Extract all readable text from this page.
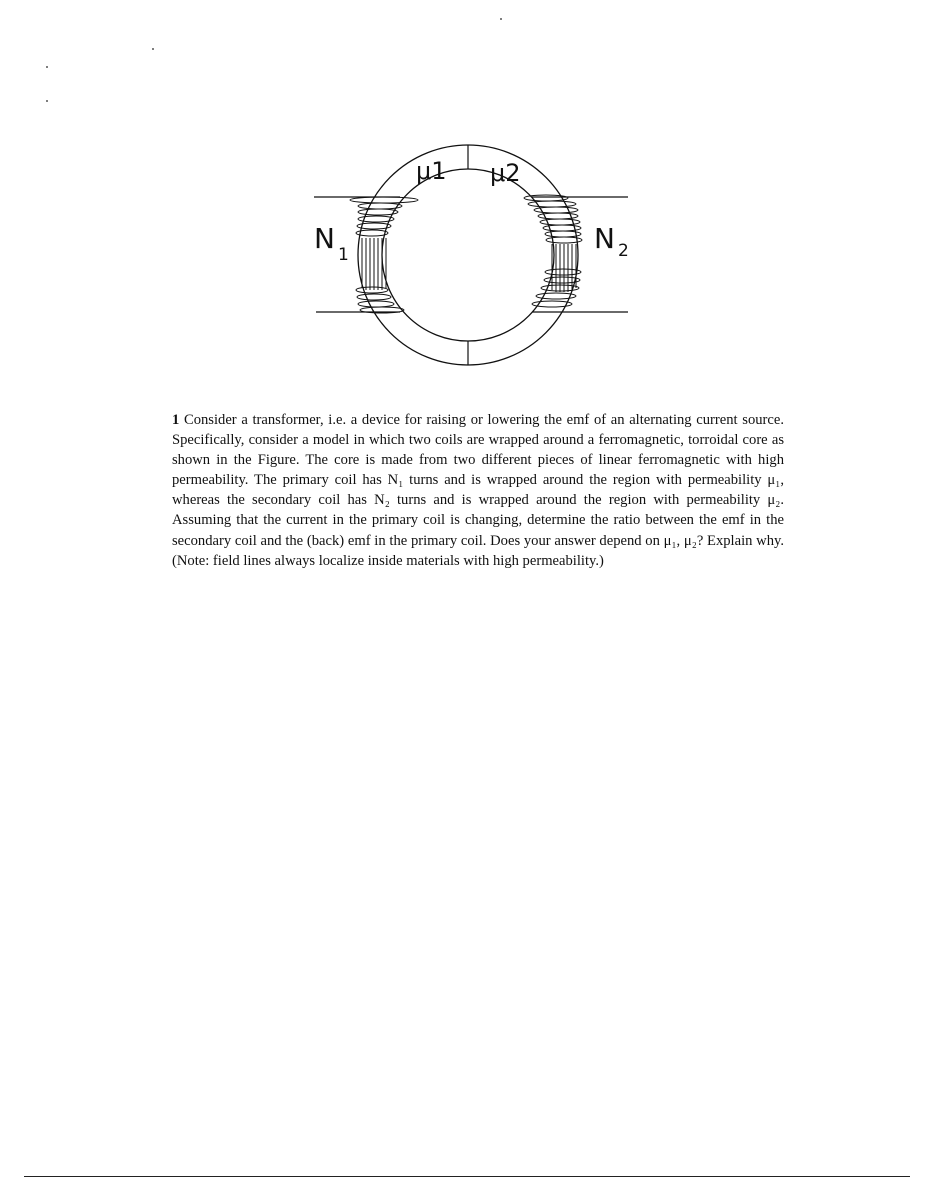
μ1 μ2
N 1	N 2

1 Consider a transformer, i.e. a device for raising or lowering the emf of an alternating current source. Specifically, consider a model in which two coils are wrapped around a ferromagnetic, torroidal core as shown in the Figure. The core is made from two different pieces of linear ferromagnetic with high permeability. The primary coil has N₁ turns and is wrapped around the region with permeability μ₁, whereas the secondary coil has N₂ turns and is wrapped around the region with permeability μ₂. Assuming that the current in the primary coil is changing, determine the ratio between the emf in the secondary coil and the (back) emf in the primary coil. Does your answer depend on μ₁, μ₂? Explain why. (Note: field lines always localize inside materials with high permeability.)
